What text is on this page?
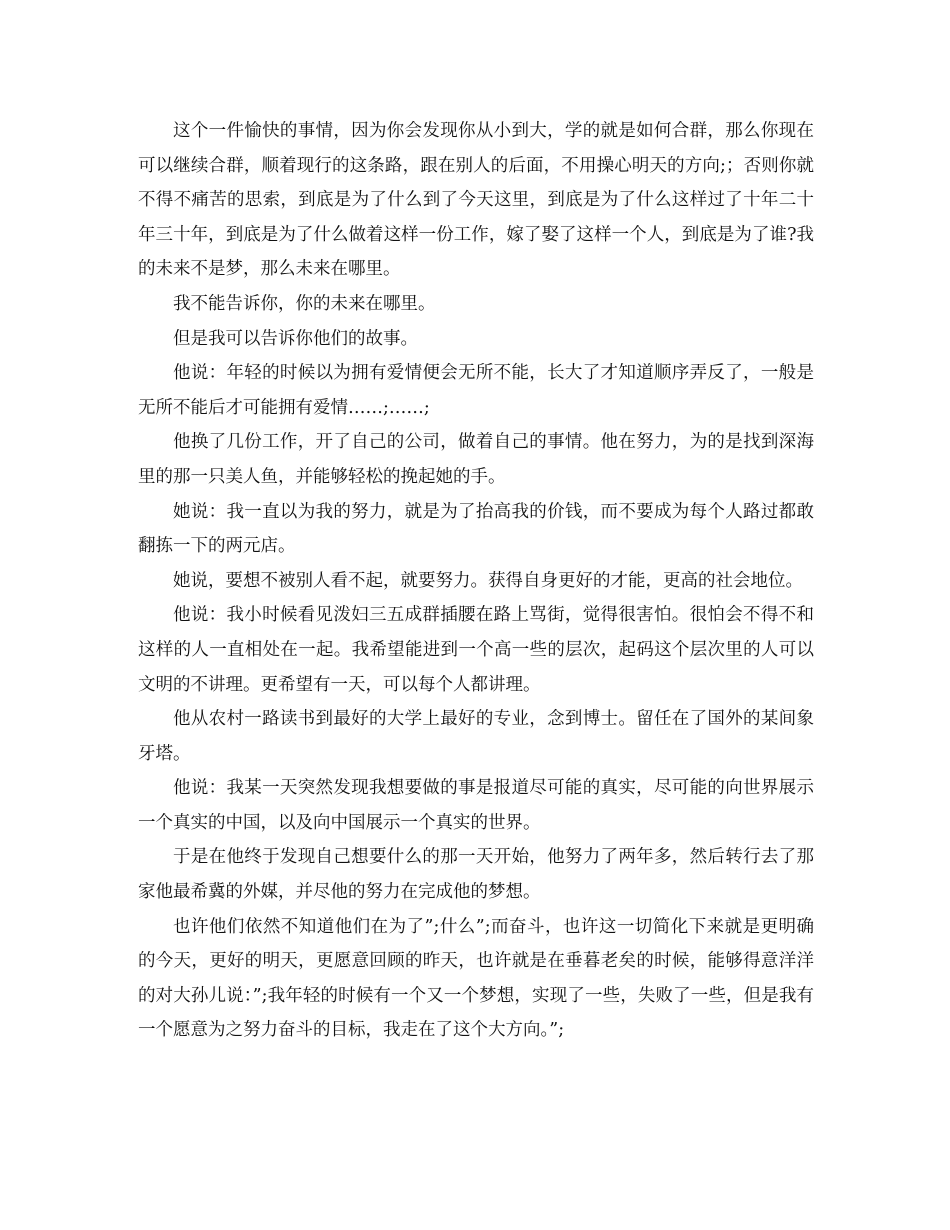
这个一件愉快的事情，因为你会发现你从小到大，学的就是如何合群，那么你现在可以继续合群，顺着现行的这条路，跟在别人的后面，不用操心明天的方向;；否则你就不得不痛苦的思索，到底是为了什么到了今天这里，到底是为了什么这样过了十年二十年三十年，到底是为了什么做着这样一份工作，嫁了娶了这样一个人，到底是为了谁?我的未来不是梦，那么未来在哪里。

我不能告诉你，你的未来在哪里。

但是我可以告诉你他们的故事。

他说：年轻的时候以为拥有爱情便会无所不能，长大了才知道顺序弄反了，一般是无所不能后才可能拥有爱情……;……;

他换了几份工作，开了自己的公司，做着自己的事情。他在努力，为的是找到深海里的那一只美人鱼，并能够轻松的挽起她的手。

她说：我一直以为我的努力，就是为了抬高我的价钱，而不要成为每个人路过都敢翻拣一下的两元店。

她说，要想不被别人看不起，就要努力。获得自身更好的才能，更高的社会地位。

他说：我小时候看见泼妇三五成群插腰在路上骂街，觉得很害怕。很怕会不得不和这样的人一直相处在一起。我希望能进到一个高一些的层次，起码这个层次里的人可以文明的不讲理。更希望有一天，可以每个人都讲理。

他从农村一路读书到最好的大学上最好的专业，念到博士。留任在了国外的某间象牙塔。

他说：我某一天突然发现我想要做的事是报道尽可能的真实，尽可能的向世界展示一个真实的中国，以及向中国展示一个真实的世界。

于是在他终于发现自己想要什么的那一天开始，他努力了两年多，然后转行去了那家他最希冀的外媒，并尽他的努力在完成他的梦想。

也许他们依然不知道他们在为了”;什么”;而奋斗，也许这一切简化下来就是更明确的今天，更好的明天，更愿意回顾的昨天，也许就是在垂暮老矣的时候，能够得意洋洋的对大孙儿说：”;我年轻的时候有一个又一个梦想，实现了一些，失败了一些，但是我有一个愿意为之努力奋斗的目标，我走在了这个大方向。”;
